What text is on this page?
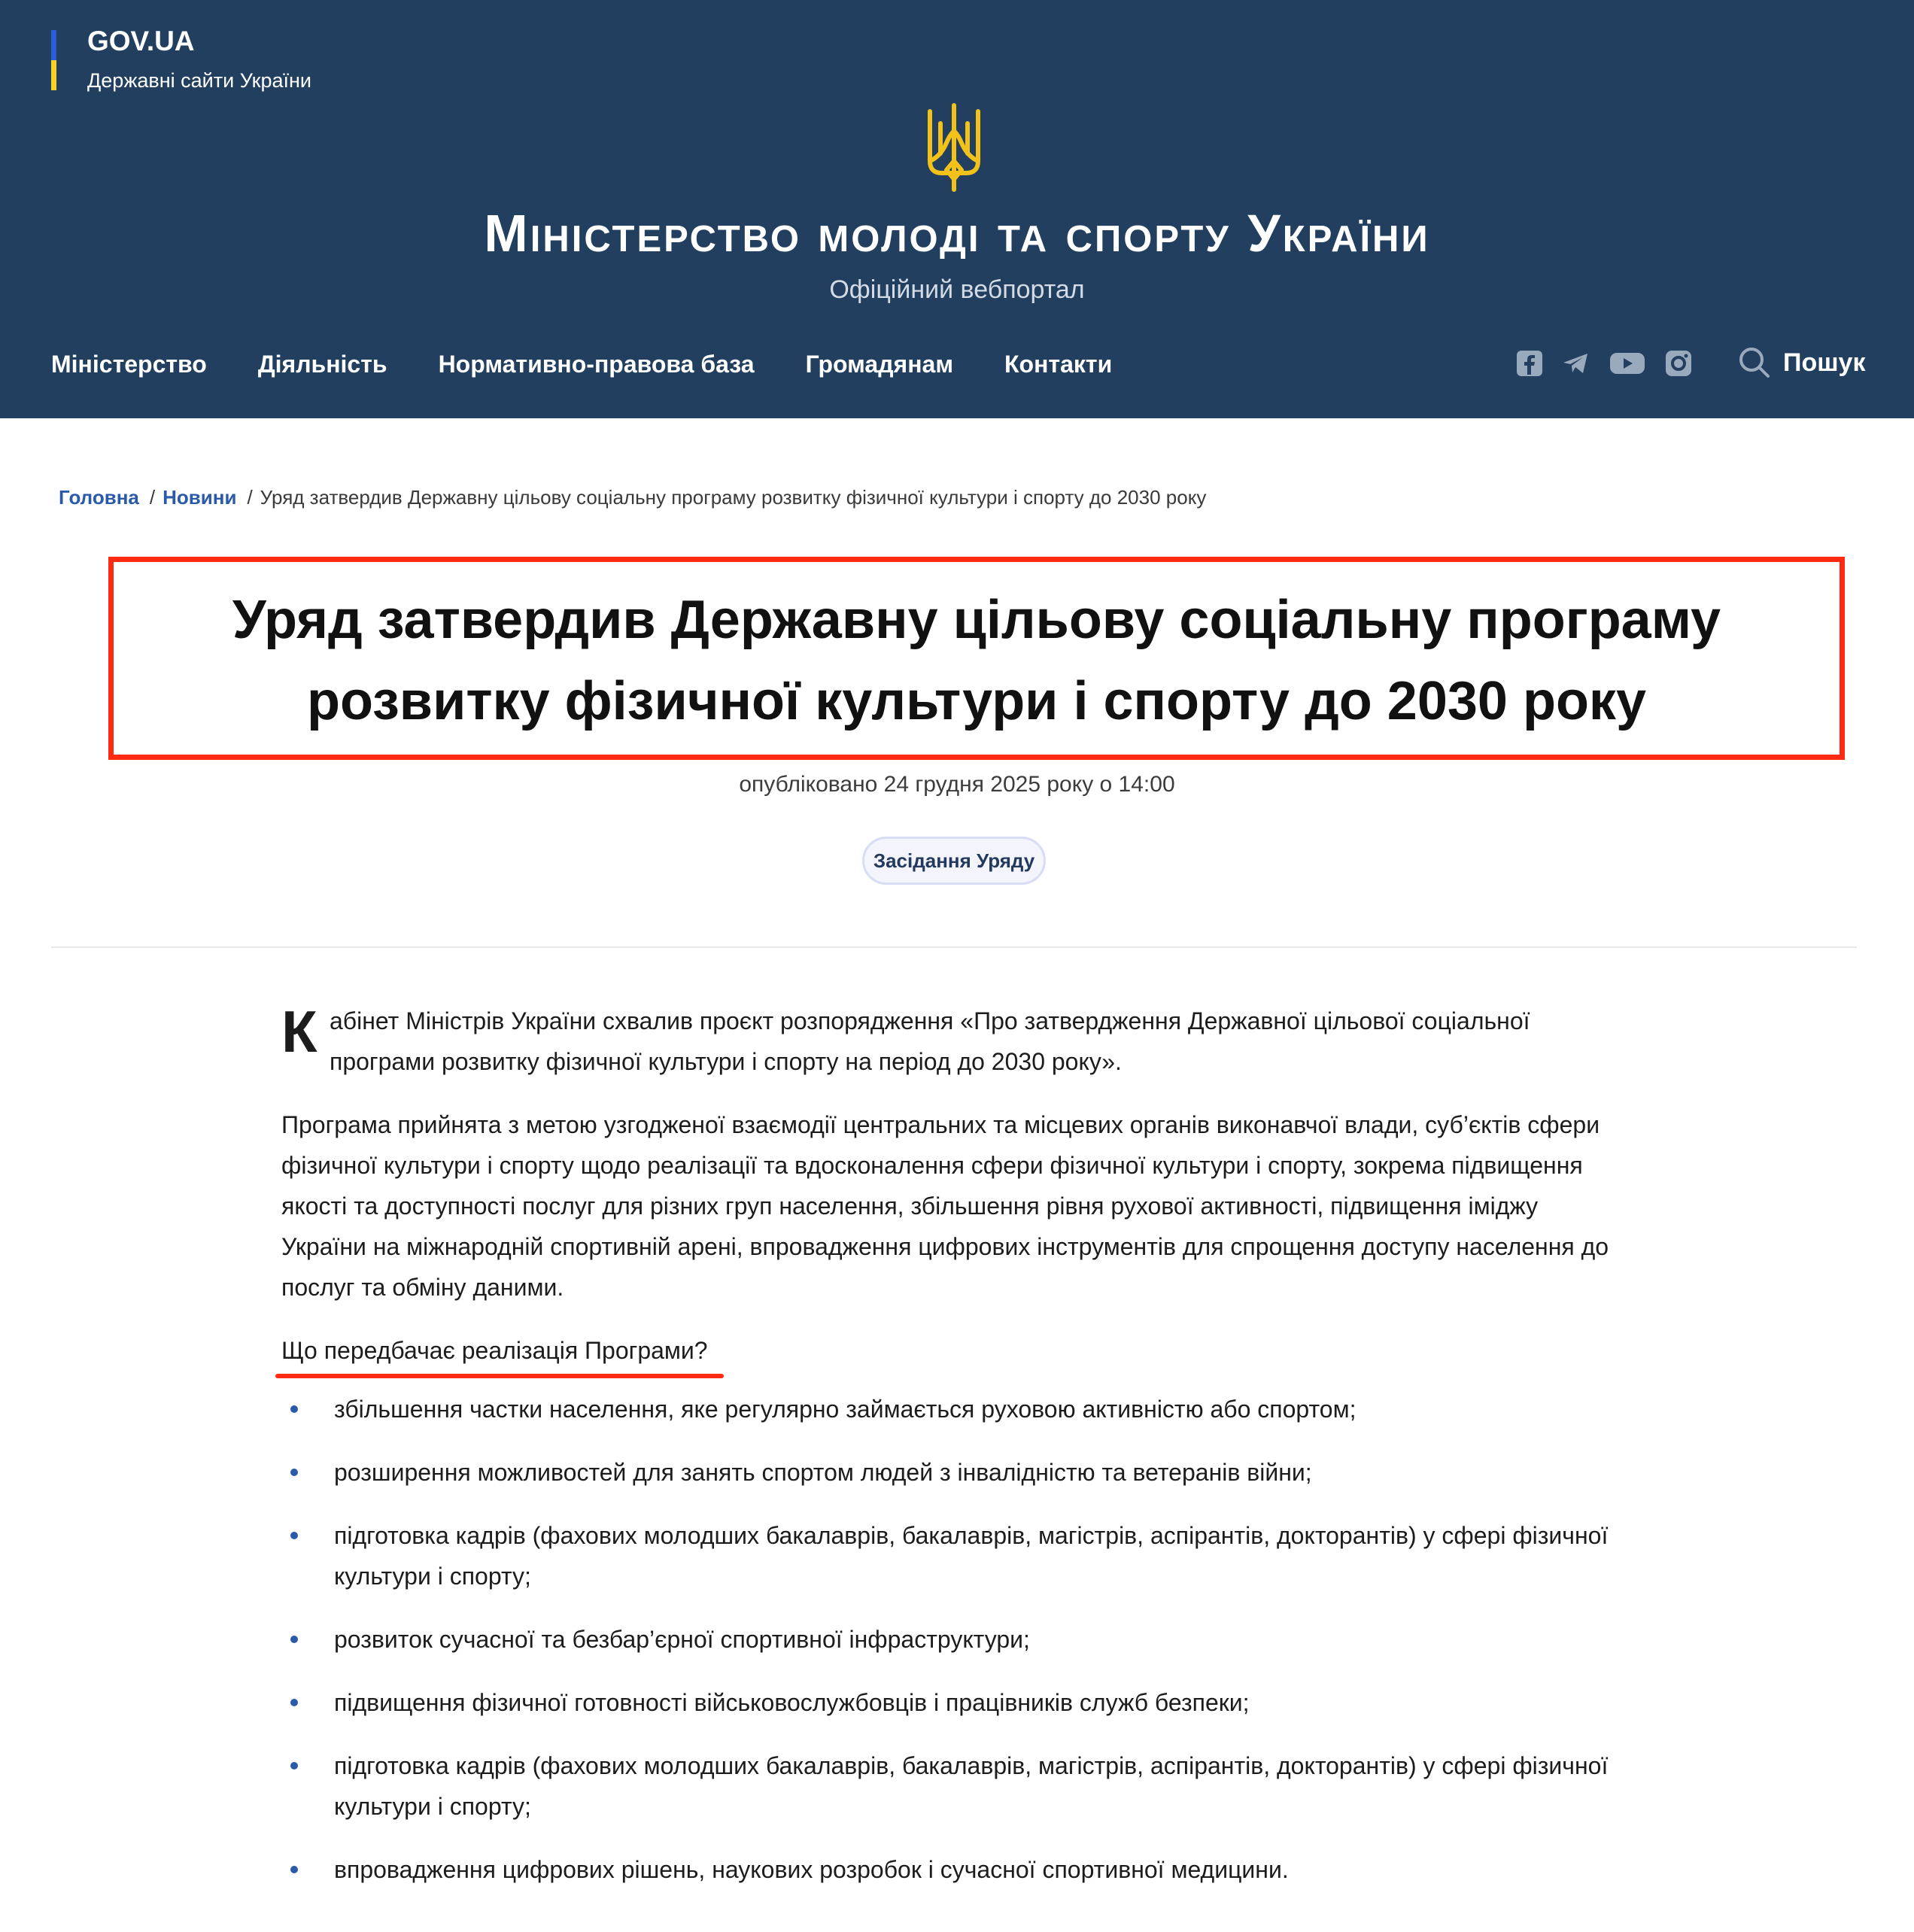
GOV.UA
Державні сайти України
Міністерство молоді та спорту України
Офіційний вебпортал
Міністерство Діяльність Нормативно-правова база Громадянам Контакти	Пошук
Головна / Новини / Уряд затвердив Державну цільову соціальну програму розвитку фізичної культури і спорту до 2030 року
Уряд затвердив Державну цільову соціальну програму розвитку фізичної культури і спорту до 2030 року
опубліковано 24 грудня 2025 року о 14:00
Засідання Уряду

К абінет Міністрів України схвалив проєкт розпорядження «Про затвердження Державної цільової соціальної програми розвитку фізичної культури і спорту на період до 2030 року».

Програма прийнята з метою узгодженої взаємодії центральних та місцевих органів виконавчої влади, суб’єктів сфери фізичної культури і спорту щодо реалізації та вдосконалення сфери фізичної культури і спорту, зокрема підвищення якості та доступності послуг для різних груп населення, збільшення рівня рухової активності, підвищення іміджу України на міжнародній спортивній арені, впровадження цифрових інструментів для спрощення доступу населення до послуг та обміну даними.

Що передбачає реалізація Програми?

збільшення частки населення, яке регулярно займається руховою активністю або спортом;
розширення можливостей для занять спортом людей з інвалідністю та ветеранів війни;
підготовка кадрів (фахових молодших бакалаврів, бакалаврів, магістрів, аспірантів, докторантів) у сфері фізичної культури і спорту;
розвиток сучасної та безбар’єрної спортивної інфраструктури;
підвищення фізичної готовності військовослужбовців і працівників служб безпеки;
підготовка кадрів (фахових молодших бакалаврів, бакалаврів, магістрів, аспірантів, докторантів) у сфері фізичної культури і спорту;
впровадження цифрових рішень, наукових розробок і сучасної спортивної медицини.
